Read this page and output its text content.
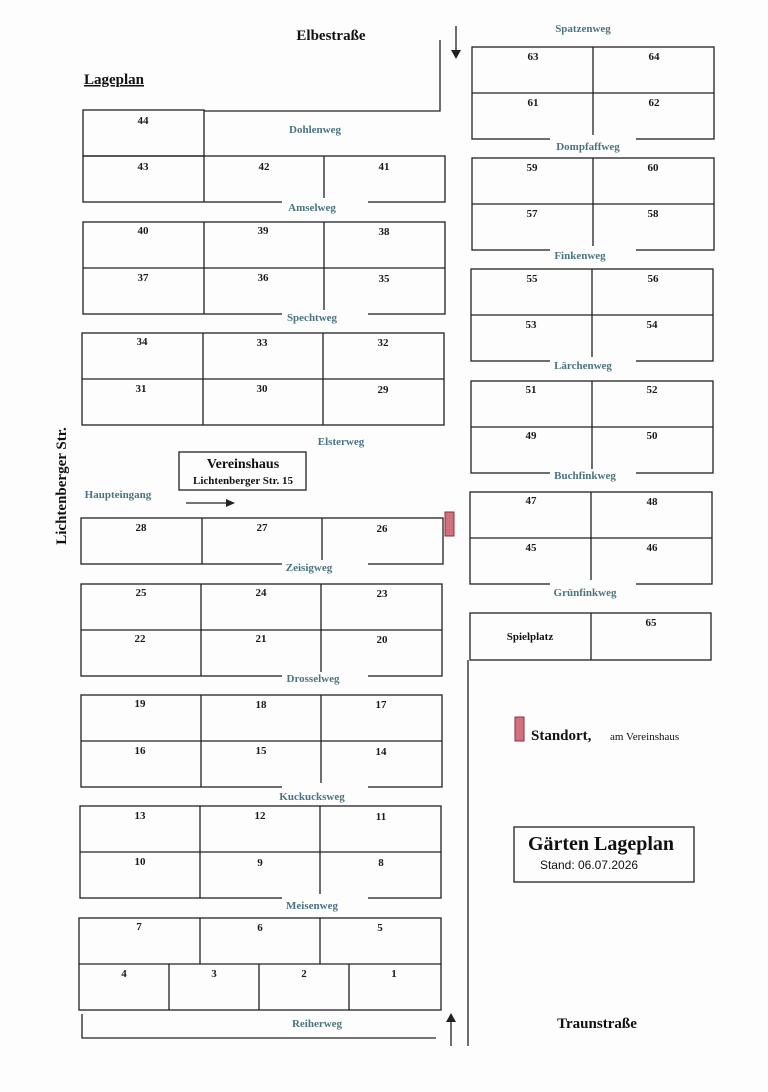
Elbestraße
Lageplan
Lichtenberger Str.
Traunstraße
Spatzenweg
Dohlenweg
Dompfaffweg
Amselweg
Finkenweg
Spechtweg
Lärchenweg
Elsterweg
Buchfinkweg
Zeisigweg
Grünfinkweg
Drosselweg
Kuckucksweg
Meisenweg
Reiherweg
44
43	42	41
40	39	38
37	36	35
34	33	32
31	30	29
28	27	26
25	24	23
22	21	20
19	18	17
16	15	14
13	12	11
10	9	8
7	6	5
4	3	2	1
63	64
61	62
59	60
57	58
55	56
53	54
51	52
49	50
47	48
45	46
65
Spielplatz
Vereinshaus
Lichtenberger Str. 15
Haupteingang
Standort, am Vereinshaus
Gärten Lageplan
Stand: 06.07.2026
